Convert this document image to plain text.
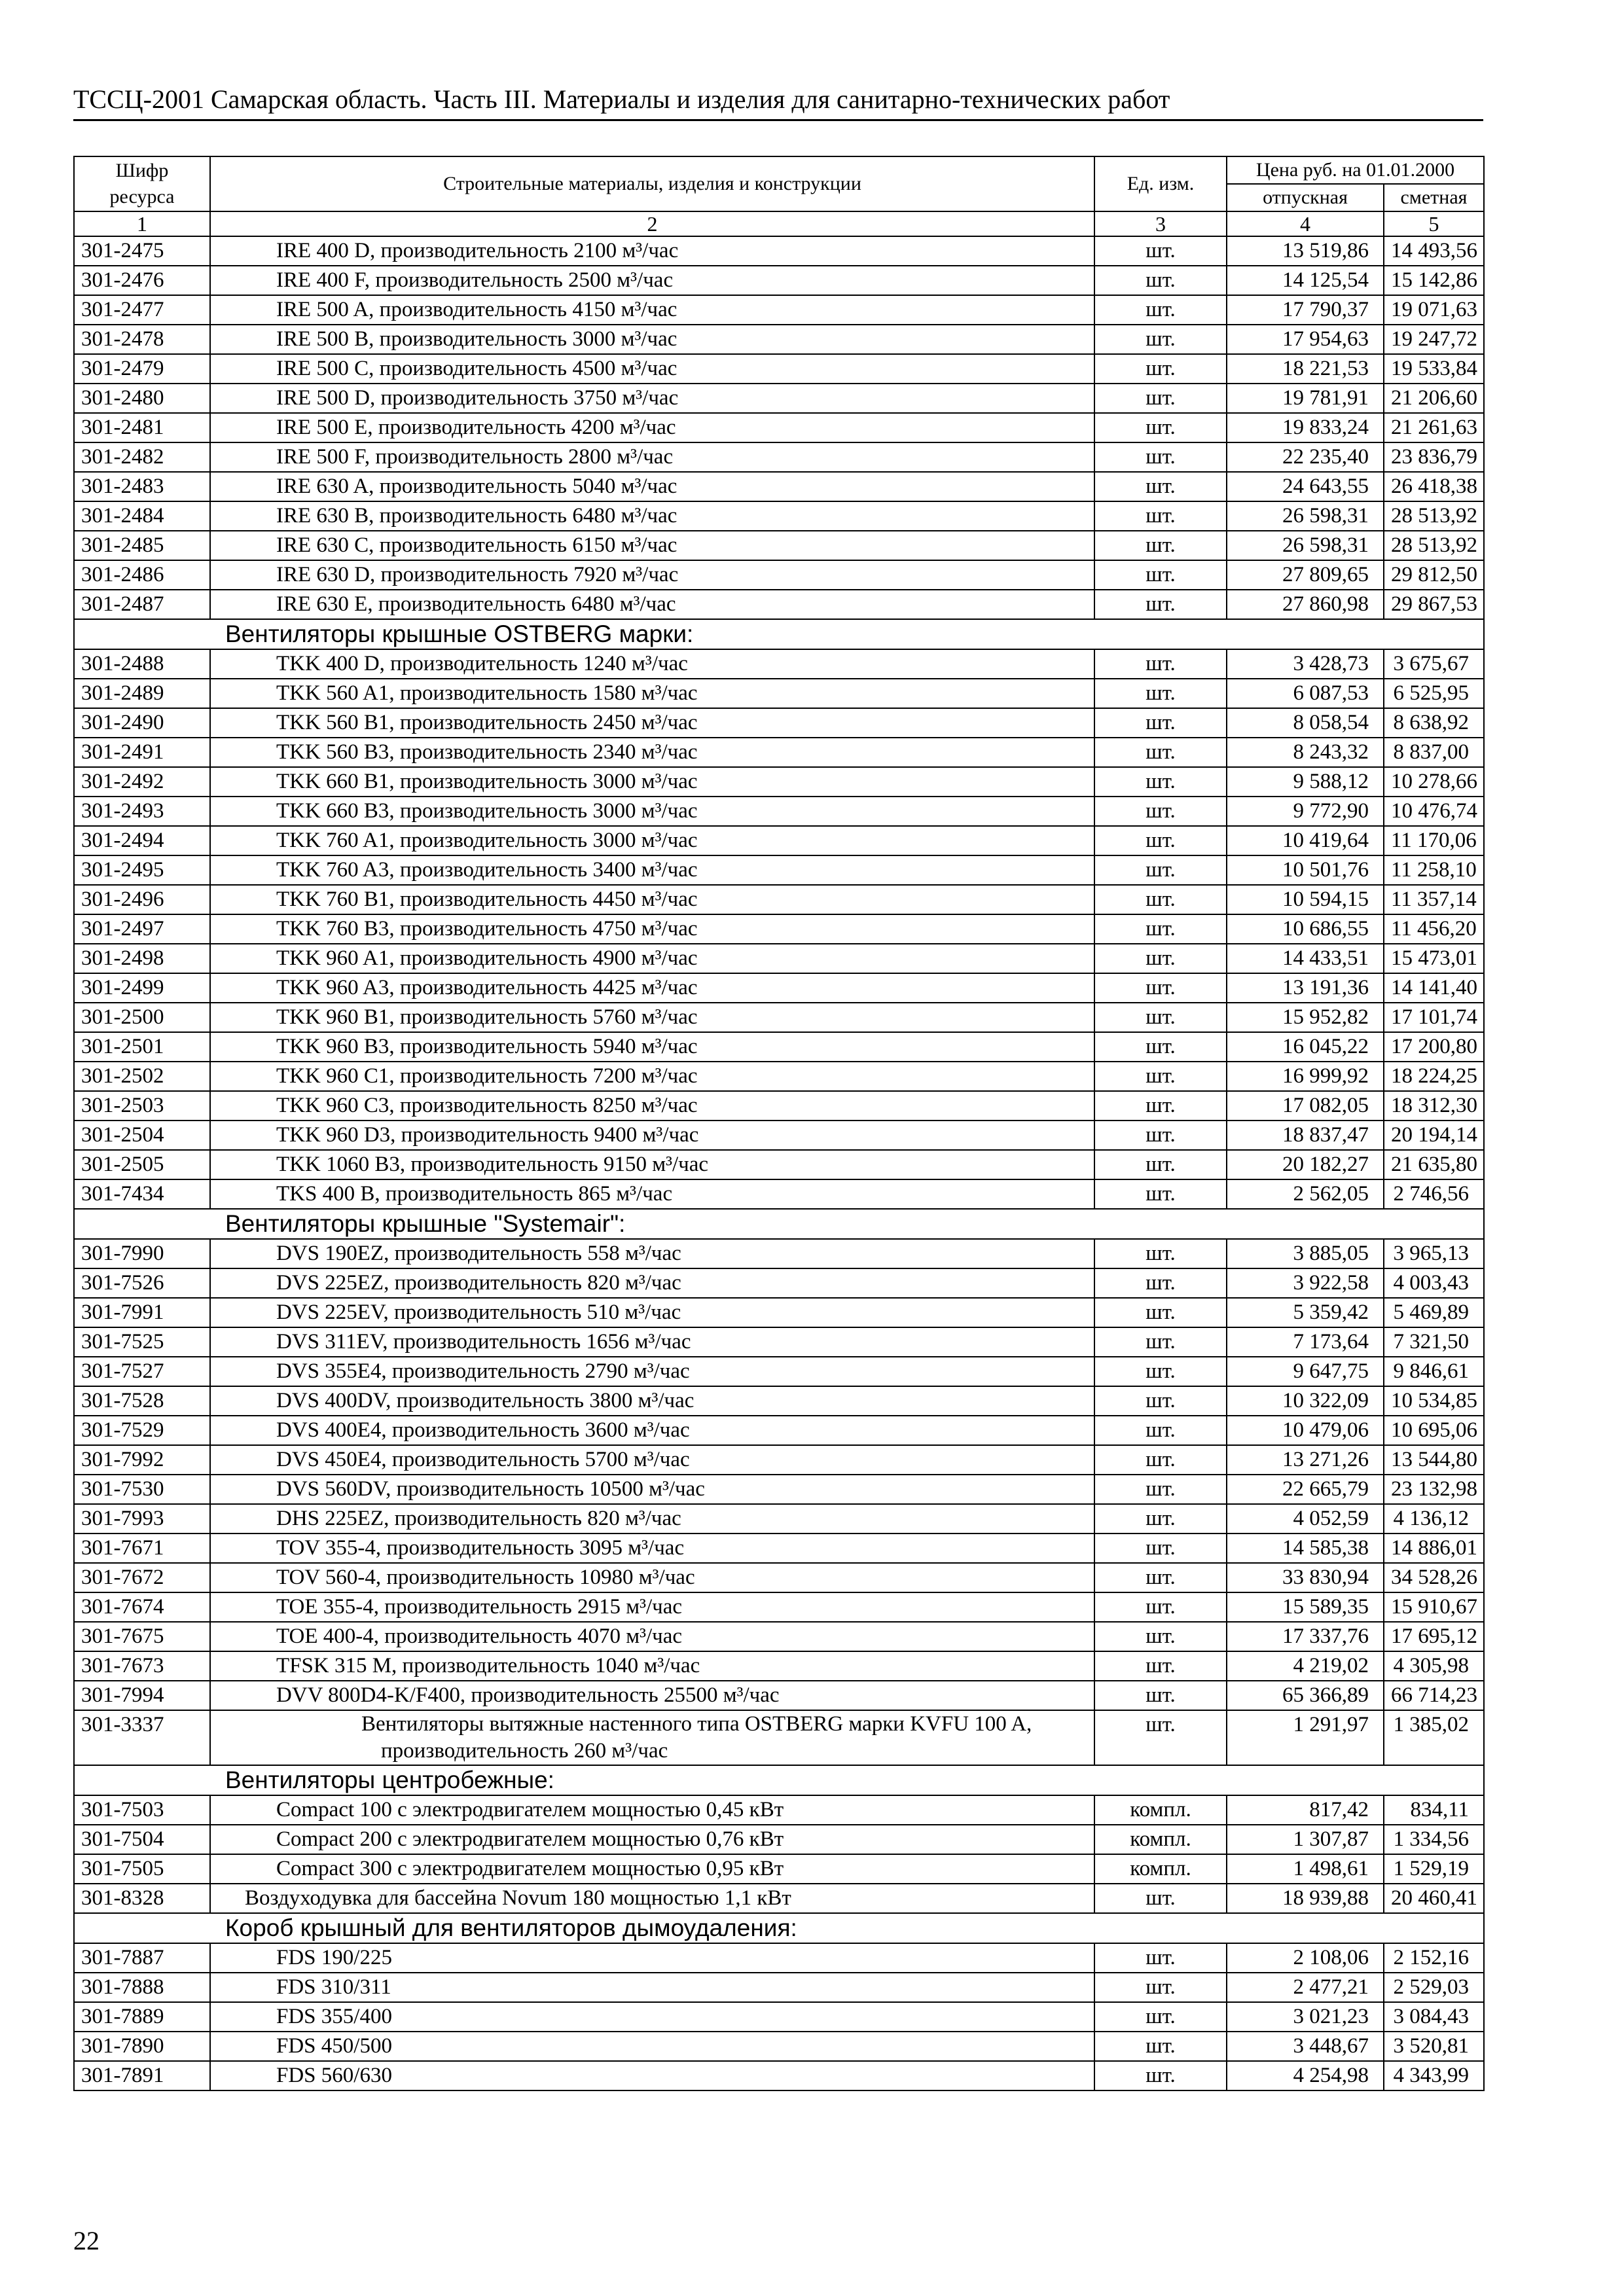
ТССЦ-2001 Самарская область. Часть III. Материалы и изделия для санитарно-технических работ
Шифр ресурса	Строительные материалы, изделия и конструкции	Ед. изм.	Цена руб. на 01.01.2000	
			отпускная	сметная
1	2	3	4	5
301-2475	IRE 400 D, производительность 2100 м³/час	шт.	13 519,86	14 493,56
301-2476	IRE 400 F, производительность 2500 м³/час	шт.	14 125,54	15 142,86
301-2477	IRE 500 A, производительность 4150 м³/час	шт.	17 790,37	19 071,63
301-2478	IRE 500 B, производительность 3000 м³/час	шт.	17 954,63	19 247,72
301-2479	IRE 500 C, производительность 4500 м³/час	шт.	18 221,53	19 533,84
301-2480	IRE 500 D, производительность 3750 м³/час	шт.	19 781,91	21 206,60
301-2481	IRE 500 E, производительность 4200 м³/час	шт.	19 833,24	21 261,63
301-2482	IRE 500 F, производительность 2800 м³/час	шт.	22 235,40	23 836,79
301-2483	IRE 630 A, производительность 5040 м³/час	шт.	24 643,55	26 418,38
301-2484	IRE 630 B, производительность 6480 м³/час	шт.	26 598,31	28 513,92
301-2485	IRE 630 C, производительность 6150 м³/час	шт.	26 598,31	28 513,92
301-2486	IRE 630 D, производительность 7920 м³/час	шт.	27 809,65	29 812,50
301-2487	IRE 630 E, производительность 6480 м³/час	шт.	27 860,98	29 867,53
Вентиляторы крышные OSTBERG марки:				
301-2488	TKK 400 D, производительность 1240 м³/час	шт.	3 428,73	3 675,67
301-2489	TKK 560 A1, производительность 1580 м³/час	шт.	6 087,53	6 525,95
301-2490	TKK 560 B1, производительность 2450 м³/час	шт.	8 058,54	8 638,92
301-2491	TKK 560 B3, производительность 2340 м³/час	шт.	8 243,32	8 837,00
301-2492	TKK 660 B1, производительность 3000 м³/час	шт.	9 588,12	10 278,66
301-2493	TKK 660 B3, производительность 3000 м³/час	шт.	9 772,90	10 476,74
301-2494	TKK 760 A1, производительность 3000 м³/час	шт.	10 419,64	11 170,06
301-2495	TKK 760 A3, производительность 3400 м³/час	шт.	10 501,76	11 258,10
301-2496	TKK 760 B1, производительность 4450 м³/час	шт.	10 594,15	11 357,14
301-2497	TKK 760 B3, производительность 4750 м³/час	шт.	10 686,55	11 456,20
301-2498	TKK 960 A1, производительность 4900 м³/час	шт.	14 433,51	15 473,01
301-2499	TKK 960 A3, производительность 4425 м³/час	шт.	13 191,36	14 141,40
301-2500	TKK 960 B1, производительность 5760 м³/час	шт.	15 952,82	17 101,74
301-2501	TKK 960 B3, производительность 5940 м³/час	шт.	16 045,22	17 200,80
301-2502	TKK 960 C1, производительность 7200 м³/час	шт.	16 999,92	18 224,25
301-2503	TKK 960 C3, производительность 8250 м³/час	шт.	17 082,05	18 312,30
301-2504	TKK 960 D3, производительность 9400 м³/час	шт.	18 837,47	20 194,14
301-2505	TKK 1060 B3, производительность 9150 м³/час	шт.	20 182,27	21 635,80
301-7434	TKS 400 B, производительность 865 м³/час	шт.	2 562,05	2 746,56
Вентиляторы крышные "Systemair":				
301-7990	DVS 190EZ, производительность 558 м³/час	шт.	3 885,05	3 965,13
301-7526	DVS 225EZ, производительность 820 м³/час	шт.	3 922,58	4 003,43
301-7991	DVS 225EV, производительность 510 м³/час	шт.	5 359,42	5 469,89
301-7525	DVS 311EV, производительность 1656 м³/час	шт.	7 173,64	7 321,50
301-7527	DVS 355E4, производительность 2790 м³/час	шт.	9 647,75	9 846,61
301-7528	DVS 400DV, производительность 3800 м³/час	шт.	10 322,09	10 534,85
301-7529	DVS 400E4, производительность 3600 м³/час	шт.	10 479,06	10 695,06
301-7992	DVS 450E4, производительность 5700 м³/час	шт.	13 271,26	13 544,80
301-7530	DVS 560DV, производительность 10500 м³/час	шт.	22 665,79	23 132,98
301-7993	DHS 225EZ, производительность 820 м³/час	шт.	4 052,59	4 136,12
301-7671	TOV 355-4, производительность 3095 м³/час	шт.	14 585,38	14 886,01
301-7672	TOV 560-4, производительность 10980 м³/час	шт.	33 830,94	34 528,26
301-7674	TOE 355-4, производительность 2915 м³/час	шт.	15 589,35	15 910,67
301-7675	TOE 400-4, производительность 4070 м³/час	шт.	17 337,76	17 695,12
301-7673	TFSK 315 M, производительность 1040 м³/час	шт.	4 219,02	4 305,98
301-7994	DVV 800D4-K/F400, производительность 25500 м³/час	шт.	65 366,89	66 714,23
301-3337	Вентиляторы вытяжные настенного типа OSTBERG марки KVFU 100 A, производительность 260 м³/час	шт.	1 291,97	1 385,02
Вентиляторы центробежные:				
301-7503	Compact 100 с электродвигателем мощностью 0,45 кВт	компл.	817,42	834,11
301-7504	Compact 200 с электродвигателем мощностью 0,76 кВт	компл.	1 307,87	1 334,56
301-7505	Compact 300 с электродвигателем мощностью 0,95 кВт	компл.	1 498,61	1 529,19
301-8328	Воздуходувка для бассейна Novum 180 мощностью 1,1 кВт	шт.	18 939,88	20 460,41
Короб крышный для вентиляторов дымоудаления:				
301-7887	FDS 190/225	шт.	2 108,06	2 152,16
301-7888	FDS 310/311	шт.	2 477,21	2 529,03
301-7889	FDS 355/400	шт.	3 021,23	3 084,43
301-7890	FDS 450/500	шт.	3 448,67	3 520,81
301-7891	FDS 560/630	шт.	4 254,98	4 343,99
22
